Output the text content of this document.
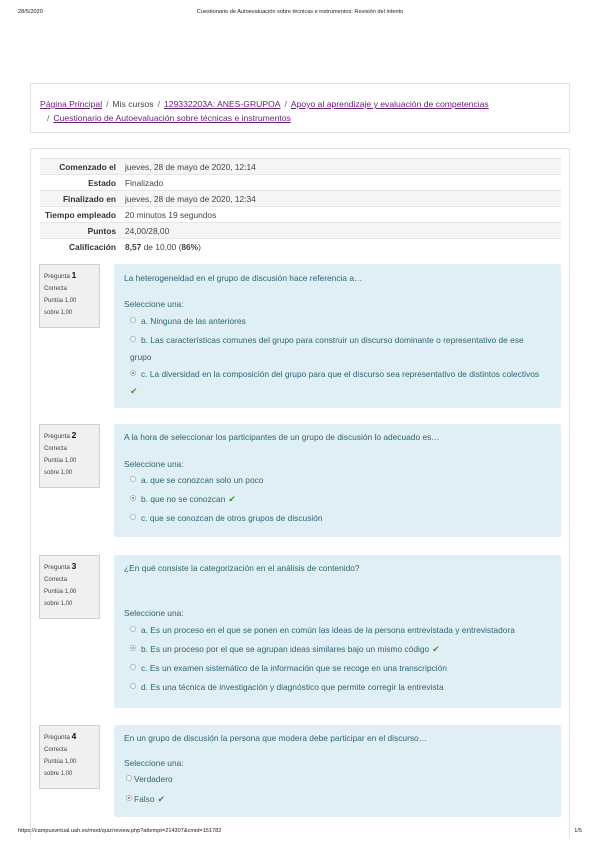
28/5/2020	Cuestionario de Autoevaluación sobre técnicas e instrumentos: Revisión del intento
Página Principal / Mis cursos / 129332203A: ANES-GRUPOA / Apoyo al aprendizaje y evaluación de competencias
/ Cuestionario de Autoevaluación sobre técnicas e instrumentos
Comenzado el	jueves, 28 de mayo de 2020, 12:14
Estado	Finalizado
Finalizado en	jueves, 28 de mayo de 2020, 12:34
Tiempo empleado	20 minutos 19 segundos
Puntos	24,00/28,00
Calificación	8,57 de 10,00 (86%)
Pregunta 1
Correcta
Puntúa 1,00
sobre 1,00
La heterogeneidad en el grupo de discusión hace referencia a…
Seleccione una:
a. Ninguna de las anteriores
b. Las características comunes del grupo para construir un discurso dominante o representativo de ese
grupo
c. La diversidad en la composición del grupo para que el discurso sea representativo de distintos colectivos
✔
Pregunta 2
Correcta
Puntúa 1,00
sobre 1,00
A la hora de seleccionar los participantes de un grupo de discusión lo adecuado es…
Seleccione una:
a. que se conozcan solo un poco
b. que no se conozcan ✔
c. que se conozcan de otros grupos de discusión
Pregunta 3
Correcta
Puntúa 1,00
sobre 1,00
¿En qué consiste la categorización en el análisis de contenido?
Seleccione una:
a. Es un proceso en el que se ponen en común las ideas de la persona entrevistada y entrevistadora
b. Es un proceso por el que se agrupan ideas similares bajo un mismo código ✔
c. Es un examen sistemático de la información que se recoge en una transcripción
d. Es una técnica de investigación y diagnóstico que permite corregir la entrevista
Pregunta 4
Correcta
Puntúa 1,00
sobre 1,00
En un grupo de discusión la persona que modera debe participar en el discurso…
Seleccione una:
Verdadero
Falso ✔
https://campusvirtual.uah.es/mod/quiz/review.php?attempt=214307&cmid=151782	1/5
